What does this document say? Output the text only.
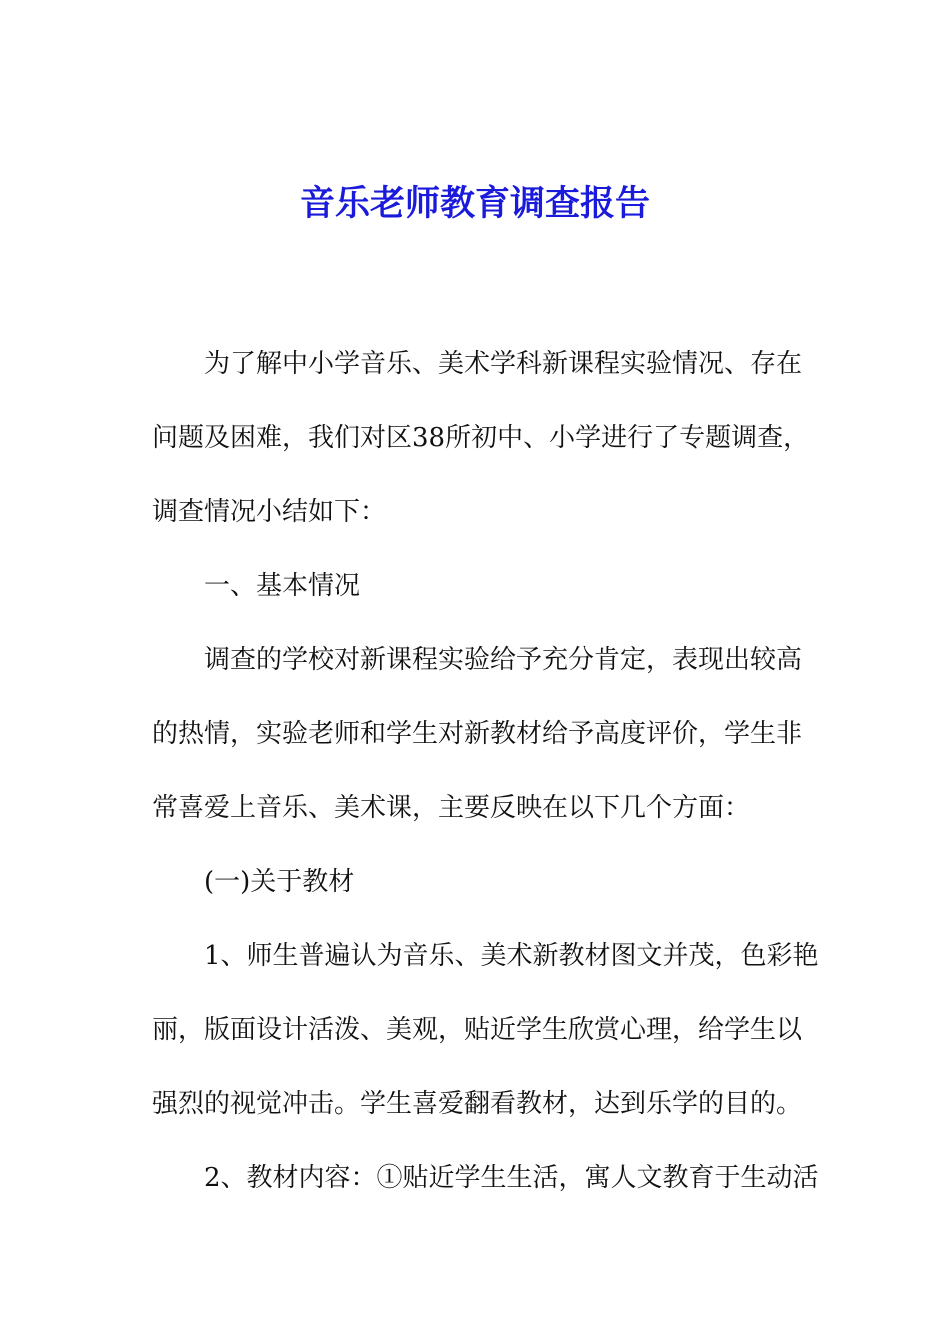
音乐老师教育调查报告
为了解中小学音乐、美术学科新课程实验情况、存在
问题及困难，我们对区38所初中、小学进行了专题调查，
调查情况小结如下：
一、基本情况
调查的学校对新课程实验给予充分肯定，表现出较高
的热情，实验老师和学生对新教材给予高度评价，学生非
常喜爱上音乐、美术课，主要反映在以下几个方面：
(一)关于教材
1、师生普遍认为音乐、美术新教材图文并茂，色彩艳
丽，版面设计活泼、美观，贴近学生欣赏心理，给学生以
强烈的视觉冲击。学生喜爱翻看教材，达到乐学的目的。
2、教材内容：①贴近学生生活，寓人文教育于生动活
